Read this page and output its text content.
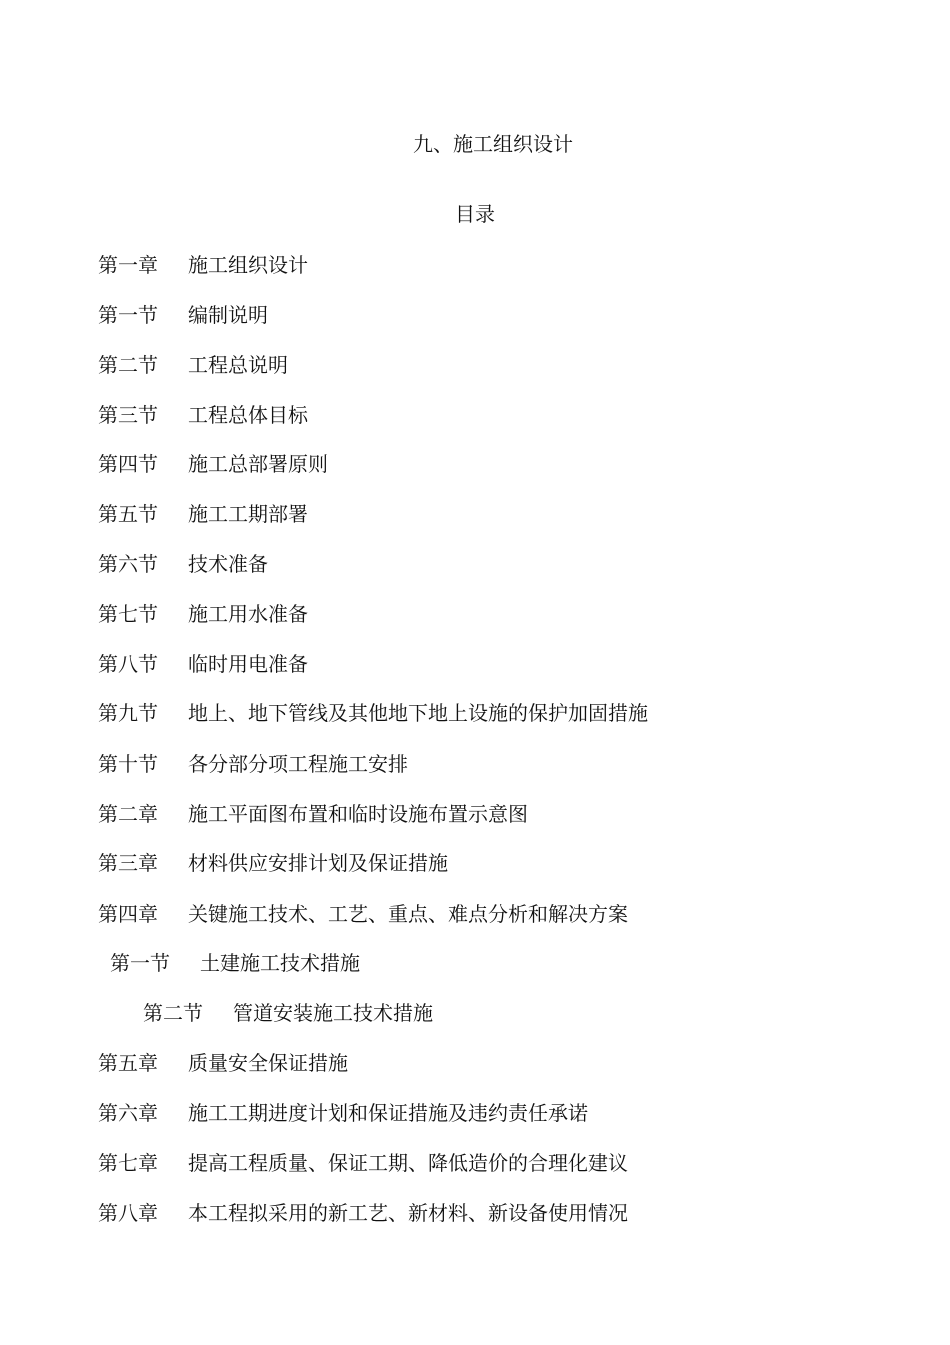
九、施工组织设计
目录
第一章 施工组织设计
第一节 编制说明
第二节 工程总说明
第三节 工程总体目标
第四节 施工总部署原则
第五节 施工工期部署
第六节 技术准备
第七节 施工用水准备
第八节 临时用电准备
第九节 地上、地下管线及其他地下地上设施的保护加固措施
第十节 各分部分项工程施工安排
第二章 施工平面图布置和临时设施布置示意图
第三章 材料供应安排计划及保证措施
第四章 关键施工技术、工艺、重点、难点分析和解决方案
第一节 土建施工技术措施
第二节 管道安装施工技术措施
第五章 质量安全保证措施
第六章 施工工期进度计划和保证措施及违约责任承诺
第七章 提高工程质量、保证工期、降低造价的合理化建议
第八章 本工程拟采用的新工艺、新材料、新设备使用情况
